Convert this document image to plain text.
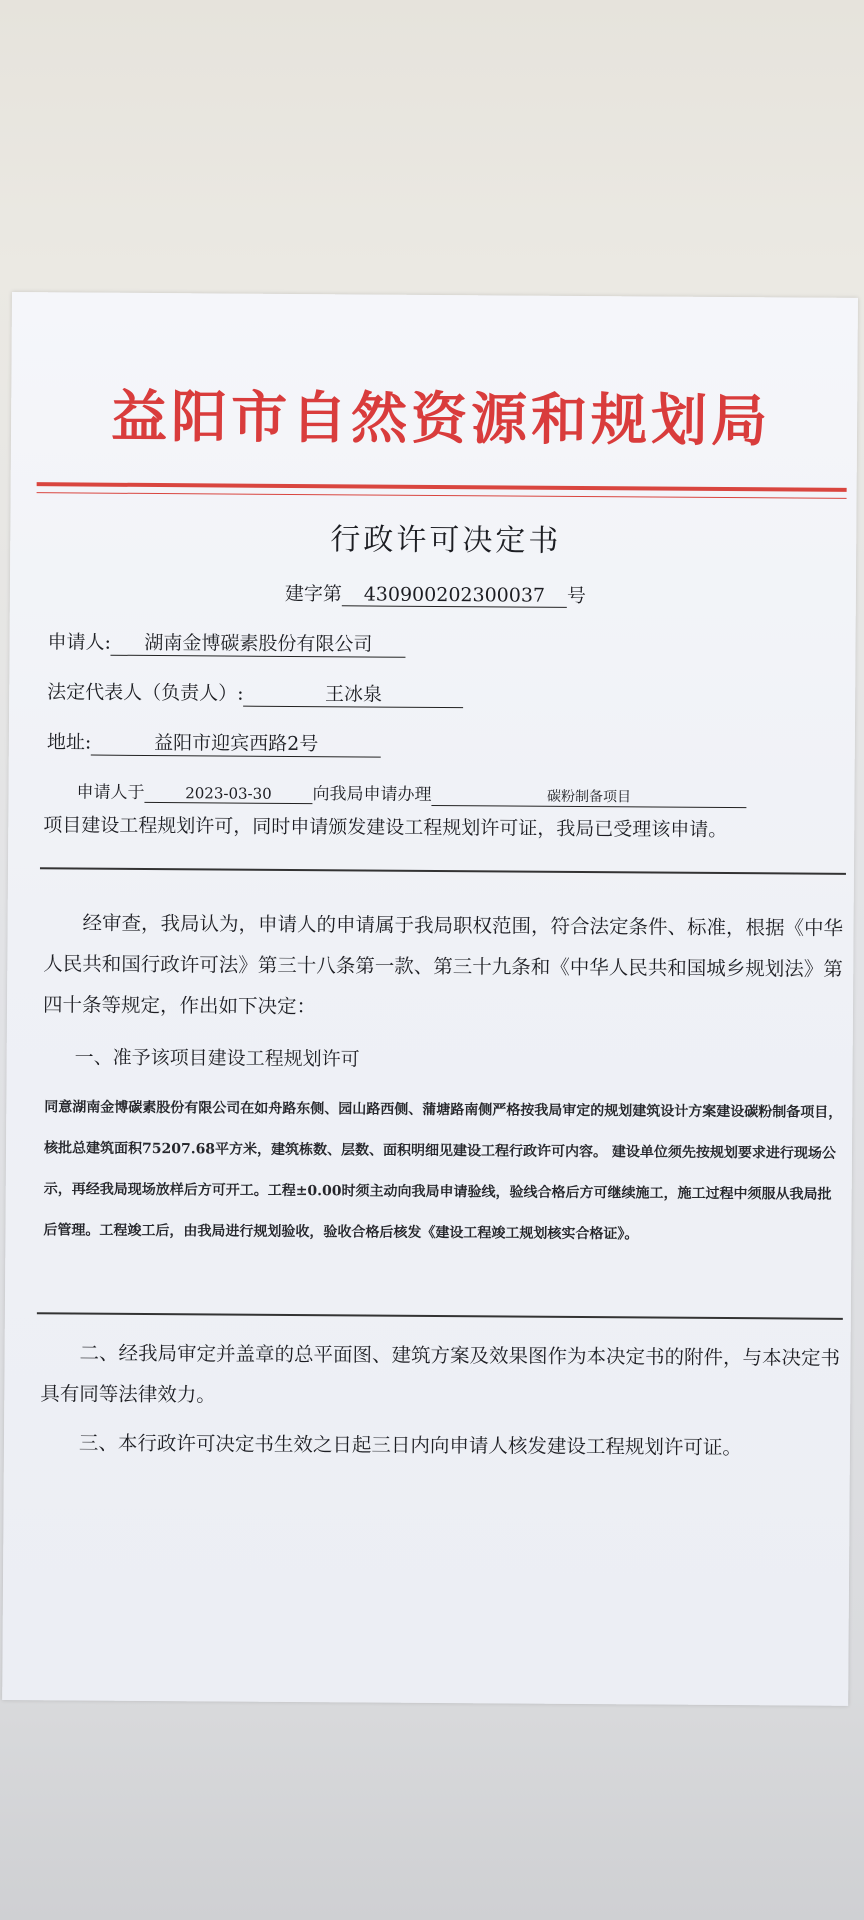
益阳市自然资源和规划局
行政许可决定书
建字第 430900202300037 号
申请人: 湖南金博碳素股份有限公司
法定代表人（负责人）:	王冰泉
地址:	益阳市迎宾西路2号
申请人于	2023-03-30 向我局申请办理	碳粉制备项目
项目建设工程规划许可，同时申请颁发建设工程规划许可证，我局已受理该申请。
经审查，我局认为，申请人的申请属于我局职权范围，符合法定条件、标准，根据《中华人民共和国行政许可法》第三十八条第一款、第三十九条和《中华人民共和国城乡规划法》第四十条等规定，作出如下决定：
一、准予该项目建设工程规划许可
同意湖南金博碳素股份有限公司在如舟路东侧、园山路西侧、蒲塘路南侧严格按我局审定的规划建筑设计方案建设碳粉制备项目，核批总建筑面积75207.68平方米，建筑栋数、层数、面积明细见建设工程行政许可内容。 建设单位须先按规划要求进行现场公示，再经我局现场放样后方可开工。工程±0.00时须主动向我局申请验线，验线合格后方可继续施工，施工过程中须服从我局批后管理。工程竣工后，由我局进行规划验收，验收合格后核发《建设工程竣工规划核实合格证》。
二、经我局审定并盖章的总平面图、建筑方案及效果图作为本决定书的附件，与本决定书具有同等法律效力。
三、本行政许可决定书生效之日起三日内向申请人核发建设工程规划许可证。
